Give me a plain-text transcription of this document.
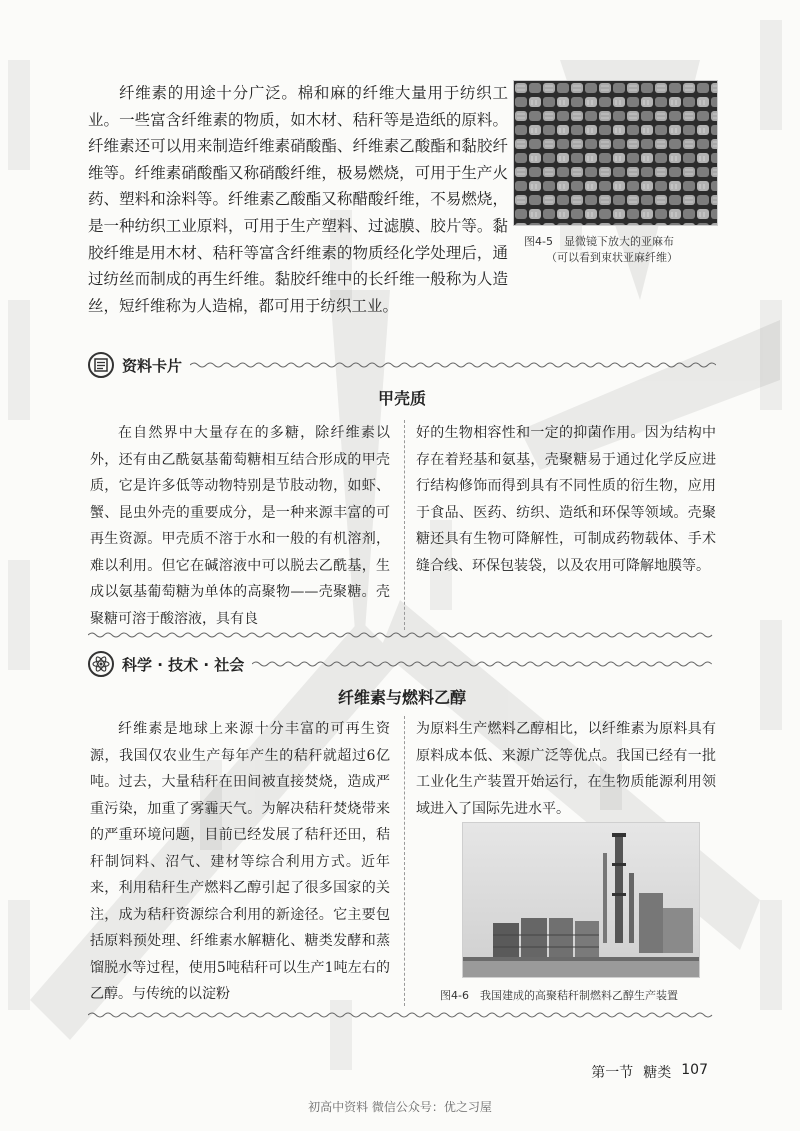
纤维素的用途十分广泛。棉和麻的纤维大量用于纺织工业。一些富含纤维素的物质，如木材、秸秆等是造纸的原料。纤维素还可以用来制造纤维素硝酸酯、纤维素乙酸酯和黏胶纤维等。纤维素硝酸酯又称硝酸纤维，极易燃烧，可用于生产火药、塑料和涂料等。纤维素乙酸酯又称醋酸纤维，不易燃烧，是一种纺织工业原料，可用于生产塑料、过滤膜、胶片等。黏胶纤维是用木材、秸秆等富含纤维素的物质经化学处理后，通过纺丝而制成的再生纤维。黏胶纤维中的长纤维一般称为人造丝，短纤维称为人造棉，都可用于纺织工业。

图4-5　显微镜下放大的亚麻布
（可以看到束状亚麻纤维）
资料卡片
甲壳质

在自然界中大量存在的多糖，除纤维素以外，还有由乙酰氨基葡萄糖相互结合形成的甲壳质，它是许多低等动物特别是节肢动物，如虾、蟹、昆虫外壳的重要成分，是一种来源丰富的可再生资源。甲壳质不溶于水和一般的有机溶剂，难以利用。但它在碱溶液中可以脱去乙酰基，生成以氨基葡萄糖为单体的高聚物——壳聚糖。壳聚糖可溶于酸溶液，具有良

好的生物相容性和一定的抑菌作用。因为结构中存在着羟基和氨基，壳聚糖易于通过化学反应进行结构修饰而得到具有不同性质的衍生物，应用于食品、医药、纺织、造纸和环保等领域。壳聚糖还具有生物可降解性，可制成药物载体、手术缝合线、环保包装袋，以及农用可降解地膜等。

科学 · 技术 · 社会
纤维素与燃料乙醇

纤维素是地球上来源十分丰富的可再生资源，我国仅农业生产每年产生的秸秆就超过6亿吨。过去，大量秸秆在田间被直接焚烧，造成严重污染，加重了雾霾天气。为解决秸秆焚烧带来的严重环境问题，目前已经发展了秸秆还田，秸秆制饲料、沼气、建材等综合利用方式。近年来，利用秸秆生产燃料乙醇引起了很多国家的关注，成为秸秆资源综合利用的新途径。它主要包括原料预处理、纤维素水解糖化、糖类发酵和蒸馏脱水等过程，使用5吨秸秆可以生产1吨左右的乙醇。与传统的以淀粉

为原料生产燃料乙醇相比，以纤维素为原料具有原料成本低、来源广泛等优点。我国已经有一批工业化生产装置开始运行，在生物质能源利用领域进入了国际先进水平。

图4-6　我国建成的高聚秸秆制燃料乙醇生产装置
第一节 糖类 107
初高中资料 微信公众号：优之习屋
